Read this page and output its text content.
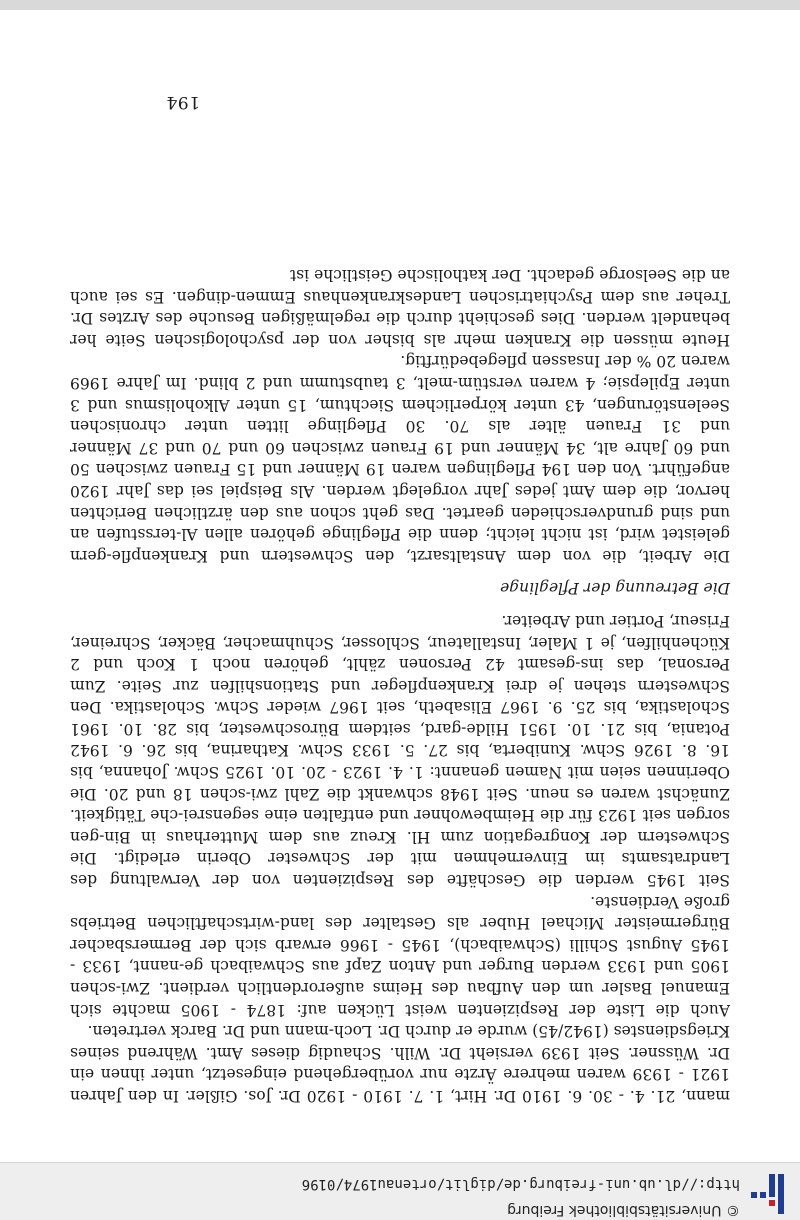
© Universitätsbibliothek Freiburg
http://dl.ub.uni-freiburg.de/diglit/ortenau1974/0196

mann, 21. 4. - 30. 6. 1910 Dr. Hirt, 1. 7. 1910 - 1920 Dr. Jos. Gißler. In den Jahren 1921 - 1939 waren mehrere Ärzte nur vorübergehend eingesetzt, unter ihnen ein Dr. Wüssner. Seit 1939 versieht Dr. Wilh. Schaudig dieses Amt. Während seines Kriegsdienstes (1942/45) wurde er durch Dr. Loch-mann und Dr. Barck vertreten.

Auch die Liste der Respizienten weist Lücken auf: 1874 - 1905 machte sich Emanuel Basler um den Aufbau des Heims außerordentlich verdient. Zwi-schen 1905 und 1933 werden Burger und Anton Zapf aus Schwaibach ge-nannt, 1933 - 1945 August Schilli (Schwaibach), 1945 - 1966 erwarb sich der Bermersbacher Bürgermeister Michael Huber als Gestalter des land-wirtschaftlichen Betriebs große Verdienste.

Seit 1945 werden die Geschäfte des Respizienten von der Verwaltung des Landratsamts im Einvernehmen mit der Schwester Oberin erledigt. Die Schwestern der Kongregation zum Hl. Kreuz aus dem Mutterhaus in Bin-gen sorgen seit 1923 für die Heimbewohner und entfalten eine segensrei-che Tätigkeit. Zunächst waren es neun. Seit 1948 schwankt die Zahl zwi-schen 18 und 20. Die Oberinnen seien mit Namen genannt: 1. 4. 1923 - 20. 10. 1925 Schw. Johanna, bis 16. 8. 1926 Schw. Kuniberta, bis 27. 5. 1933 Schw. Katharina, bis 26. 6. 1942 Potania, bis 21. 10. 1951 Hilde-gard, seitdem Büroschwester, bis 28. 10. 1961 Scholastika, bis 25. 9. 1967 Elisabeth, seit 1967 wieder Schw. Scholastika. Den Schwestern stehen je drei Krankenpfleger und Stationshilfen zur Seite. Zum Personal, das ins-gesamt 42 Personen zählt, gehören noch 1 Koch und 2 Küchenhilfen, je 1 Maler, Installateur, Schlosser, Schuhmacher, Bäcker, Schreiner, Friseur, Portier und Arbeiter.

Die Betreuung der Pfleglinge

Die Arbeit, die von dem Anstaltsarzt, den Schwestern und Krankenpfle-gern geleistet wird, ist nicht leicht; denn die Pfleglinge gehören allen Al-tersstufen an und sind grundverschieden geartet. Das geht schon aus den ärztlichen Berichten hervor, die dem Amt jedes Jahr vorgelegt werden. Als Beispiel sei das Jahr 1920 angeführt. Von den 194 Pfleglingen waren 19 Männer und 15 Frauen zwischen 50 und 60 Jahre alt, 34 Männer und 19 Frauen zwischen 60 und 70 und 37 Männer und 31 Frauen älter als 70. 30 Pfleglinge litten unter chronischen Seelenstörungen, 43 unter körperlichem Siechtum, 15 unter Alkoholismus und 3 unter Epilepsie; 4 waren verstüm-melt, 3 taubstumm und 2 blind. Im Jahre 1969 waren 20 % der Insassen pflegebedürftig.

Heute müssen die Kranken mehr als bisher von der psychologischen Seite her behandelt werden. Dies geschieht durch die regelmäßigen Besuche des Arztes Dr. Treher aus dem Psychiatrischen Landeskrankenhaus Emmen-dingen. Es sei auch an die Seelsorge gedacht. Der katholische Geistliche ist

194
